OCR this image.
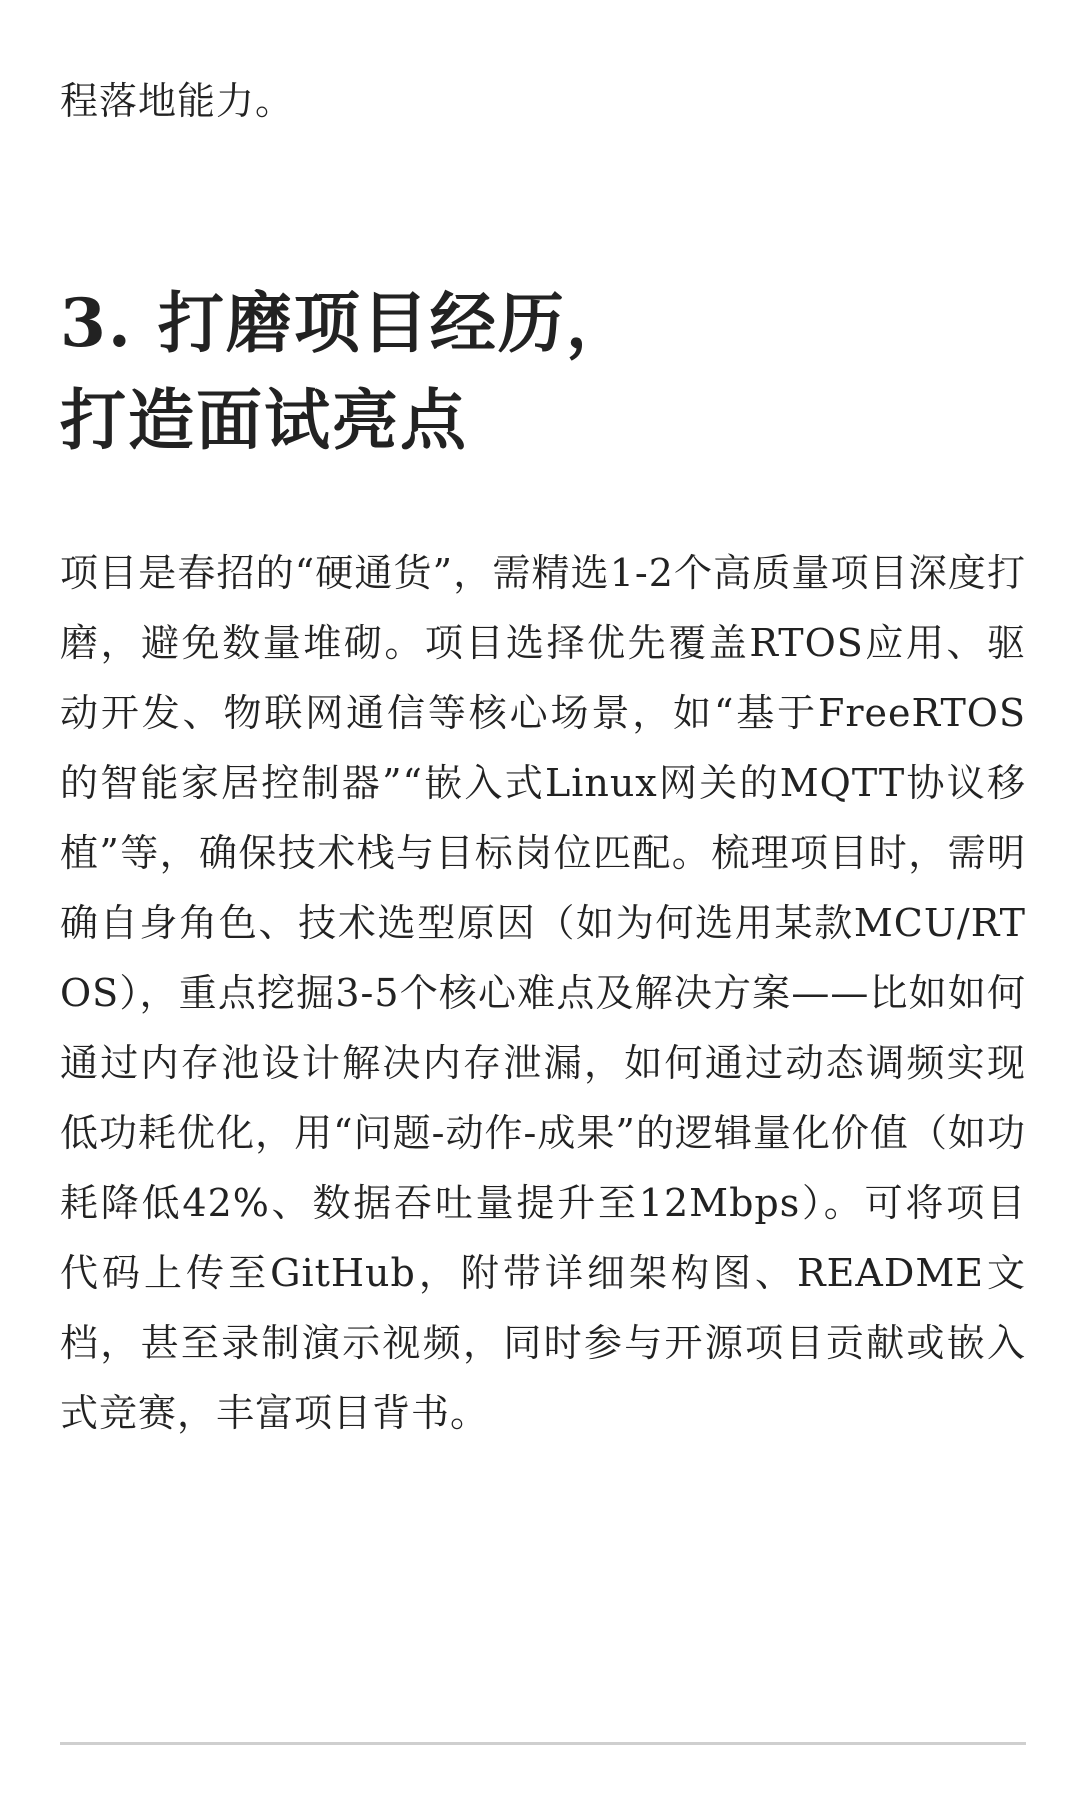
程落地能力。

3. 打磨项目经历，
打造面试亮点

项目是春招的“硬通货”，需精选1-2个高质量项目深度打磨，避免数量堆砌。项目选择优先覆盖RTOS应用、驱动开发、物联网通信等核心场景，如“基于FreeRTOS的智能家居控制器”“嵌入式Linux网关的MQTT协议移植”等，确保技术栈与目标岗位匹配。梳理项目时，需明确自身角色、技术选型原因（如为何选用某款MCU/RTOS），重点挖掘3-5个核心难点及解决方案——比如如何通过内存池设计解决内存泄漏，如何通过动态调频实现低功耗优化，用“问题-动作-成果”的逻辑量化价值（如功耗降低42%、数据吞吐量提升至12Mbps）。可将项目代码上传至GitHub，附带详细架构图、README文档，甚至录制演示视频，同时参与开源项目贡献或嵌入式竞赛，丰富项目背书。
